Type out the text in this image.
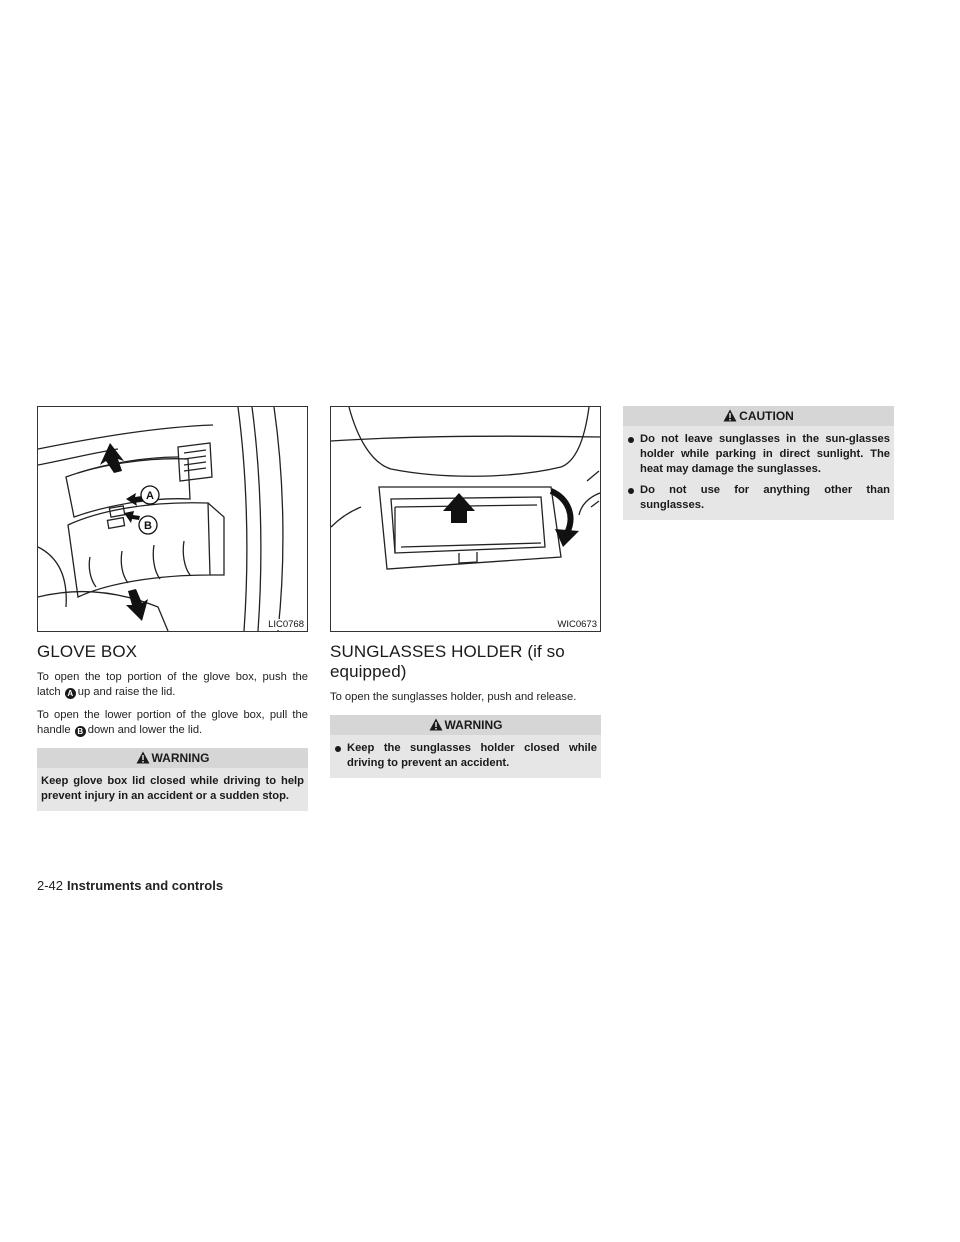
A
B
LIC0768
GLOVE BOX

To open the top portion of the glove box, push the latch A up and raise the lid.

To open the lower portion of the glove box, pull the handle B down and lower the lid.

WARNING

Keep glove box lid closed while driving to help prevent injury in an accident or a sudden stop.

WIC0673
SUNGLASSES HOLDER (if so equipped)

To open the sunglasses holder, push and release.

WARNING
Keep the sunglasses holder closed while driving to prevent an accident.
CAUTION
Do not leave sunglasses in the sun-glasses holder while parking in direct sunlight. The heat may damage the sunglasses.
Do not use for anything other than sunglasses.
2-42 Instruments and controls
